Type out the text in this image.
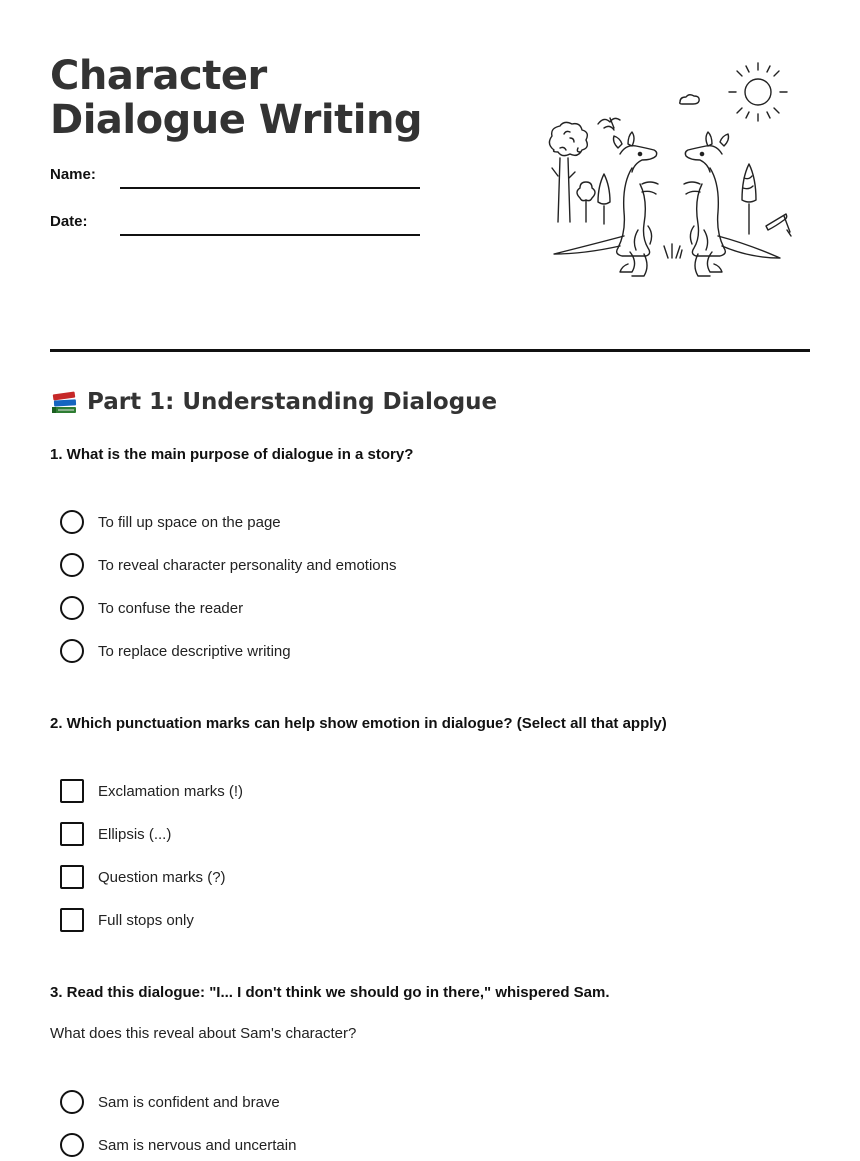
Character Dialogue Writing
Name:
Date:
Part 1: Understanding Dialogue
1. What is the main purpose of dialogue in a story?
To fill up space on the page
To reveal character personality and emotions
To confuse the reader
To replace descriptive writing
2. Which punctuation marks can help show emotion in dialogue? (Select all that apply)
Exclamation marks (!)
Ellipsis (...)
Question marks (?)
Full stops only
3. Read this dialogue: "I... I don't think we should go in there," whispered Sam.
What does this reveal about Sam's character?
Sam is confident and brave
Sam is nervous and uncertain
